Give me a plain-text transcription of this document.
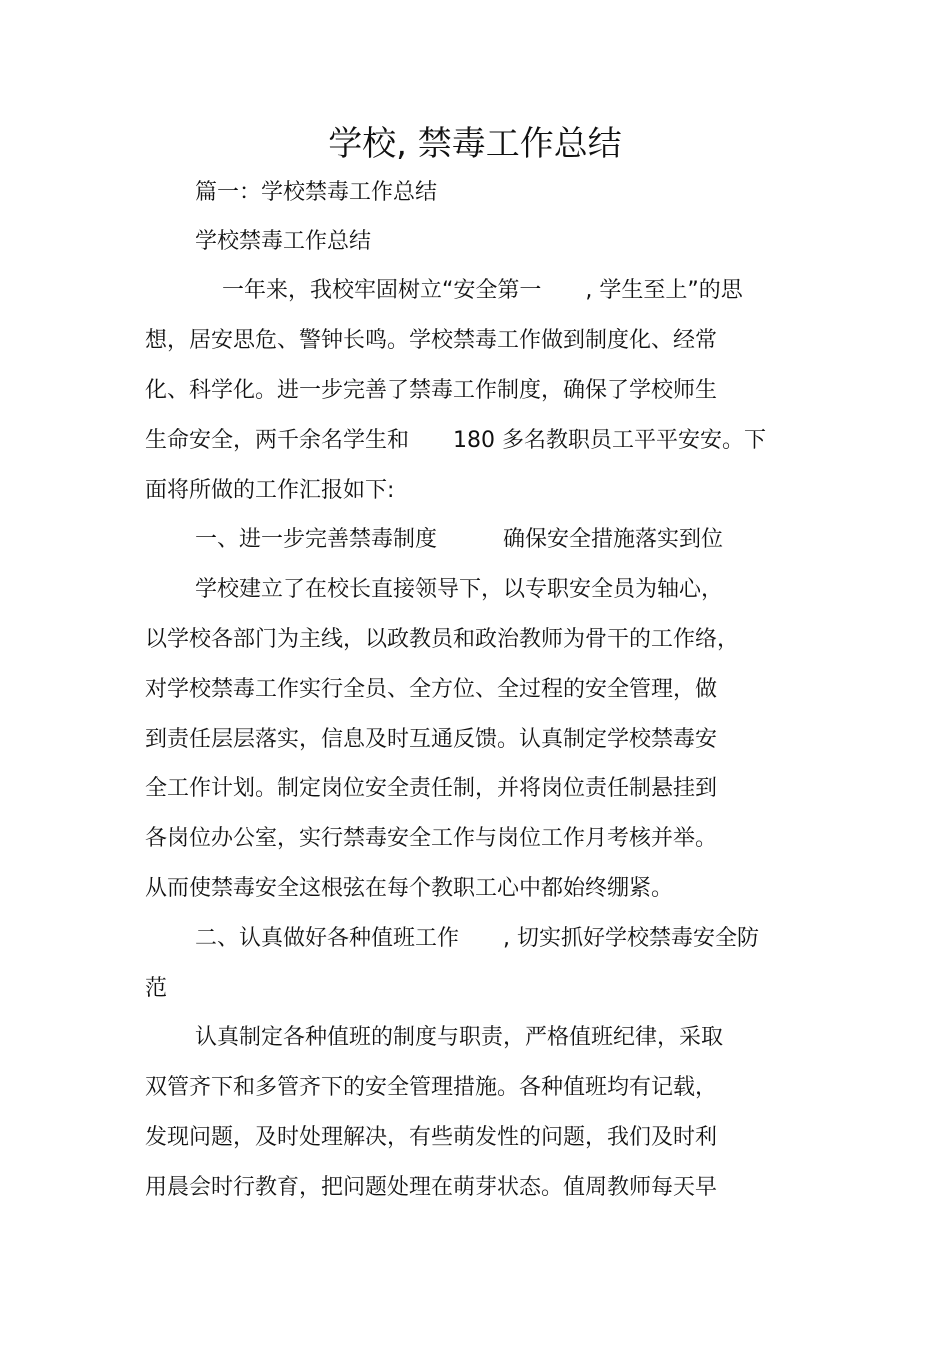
学校, 禁毒工作总结
篇一：学校禁毒工作总结
学校禁毒工作总结
一年来，我校牢固树立“安全第一　　, 学生至上”的思
想，居安思危、警钟长鸣。学校禁毒工作做到制度化、经常
化、科学化。进一步完善了禁毒工作制度，确保了学校师生
生命安全，两千余名学生和　　180 多名教职员工平平安安。下
面将所做的工作汇报如下:
一、进一步完善禁毒制度　　　确保安全措施落实到位
学校建立了在校长直接领导下，以专职安全员为轴心，
以学校各部门为主线，以政教员和政治教师为骨干的工作络，
对学校禁毒工作实行全员、全方位、全过程的安全管理，做
到责任层层落实，信息及时互通反馈。认真制定学校禁毒安
全工作计划。制定岗位安全责任制，并将岗位责任制悬挂到
各岗位办公室，实行禁毒安全工作与岗位工作月考核并举。
从而使禁毒安全这根弦在每个教职工心中都始终绷紧。
二、认真做好各种值班工作　　, 切实抓好学校禁毒安全防
范
认真制定各种值班的制度与职责，严格值班纪律，采取
双管齐下和多管齐下的安全管理措施。各种值班均有记载，
发现问题，及时处理解决，有些萌发性的问题，我们及时利
用晨会时行教育，把问题处理在萌芽状态。值周教师每天早
